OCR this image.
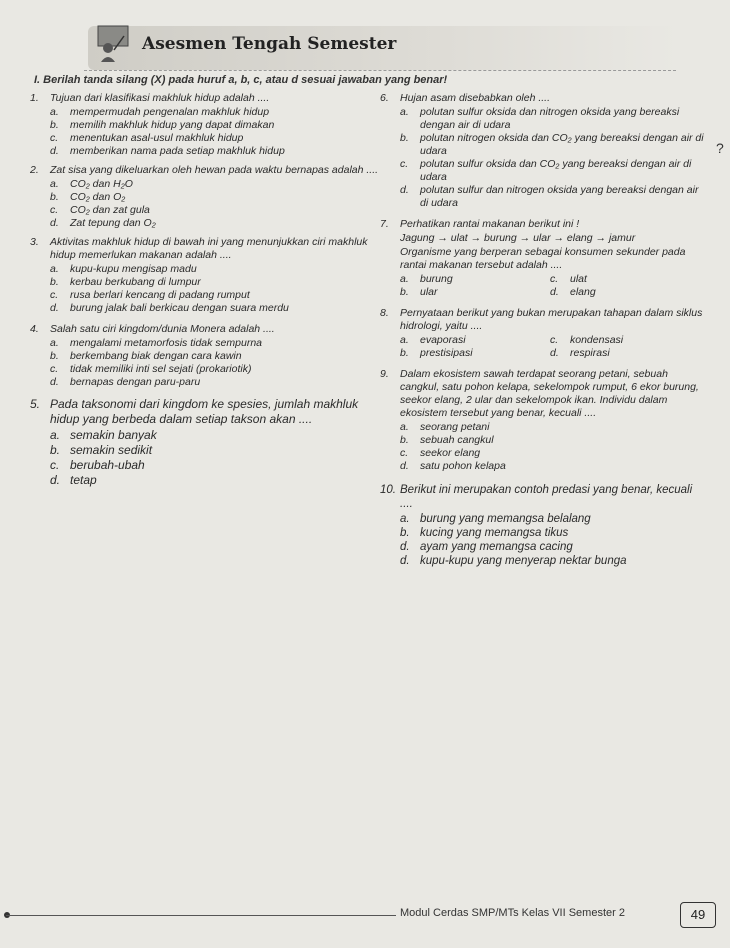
Asesmen Tengah Semester
I. Berilah tanda silang (X) pada huruf a, b, c, atau d sesuai jawaban yang benar!
1. Tujuan dari klasifikasi makhluk hidup adalah ....
a. mempermudah pengenalan makhluk hidup
b. memilih makhluk hidup yang dapat dimakan
c. menentukan asal-usul makhluk hidup
d. memberikan nama pada setiap makhluk hidup
2. Zat sisa yang dikeluarkan oleh hewan pada waktu bernapas adalah ....
a. CO₂ dan H₂O
b. CO₂ dan O₂
c. CO₂ dan zat gula
d. Zat tepung dan O₂
3. Aktivitas makhluk hidup di bawah ini yang menunjukkan ciri makhluk hidup memerlukan makanan adalah ....
a. kupu-kupu mengisap madu
b. kerbau berkubang di lumpur
c. rusa berlari kencang di padang rumput
d. burung jalak bali berkicau dengan suara merdu
4. Salah satu ciri kingdom/dunia Monera adalah ....
a. mengalami metamorfosis tidak sempurna
b. berkembang biak dengan cara kawin
c. tidak memiliki inti sel sejati (prokariotik)
d. bernapas dengan paru-paru
5. Pada taksonomi dari kingdom ke spesies, jumlah makhluk hidup yang berbeda dalam setiap takson akan ....
a. semakin banyak
b. semakin sedikit
c. berubah-ubah
d. tetap
6. Hujan asam disebabkan oleh ....
a. polutan sulfur oksida dan nitrogen oksida yang bereaksi dengan air di udara
b. polutan nitrogen oksida dan CO₂ yang bereaksi dengan air di udara
c. polutan sulfur oksida dan CO₂ yang bereaksi dengan air di udara
d. polutan sulfur dan nitrogen oksida yang bereaksi dengan air di udara
7. Perhatikan rantai makanan berikut ini !
Jagung → ulat → burung → ular → elang → jamur
Organisme yang berperan sebagai konsumen sekunder pada rantai makanan tersebut adalah ....
a. burung	c. ulat
b. ular	d. elang
8. Pernyataan berikut yang bukan merupakan tahapan dalam siklus hidrologi, yaitu ....
a. evaporasi	c. kondensasi
b. prestisipasi	d. respirasi
9. Dalam ekosistem sawah terdapat seorang petani, sebuah cangkul, satu pohon kelapa, sekelompok rumput, 6 ekor burung, seekor elang, 2 ular dan sekelompok ikan. Individu dalam ekosistem tersebut yang benar, kecuali ....
a. seorang petani
b. sebuah cangkul
c. seekor elang
d. satu pohon kelapa
10. Berikut ini merupakan contoh predasi yang benar, kecuali ....
a. burung yang memangsa belalang
b. kucing yang memangsa tikus
d. ayam yang memangsa cacing
d. kupu-kupu yang menyerap nektar bunga
?
Modul Cerdas SMP/MTs Kelas VII Semester 2	49
